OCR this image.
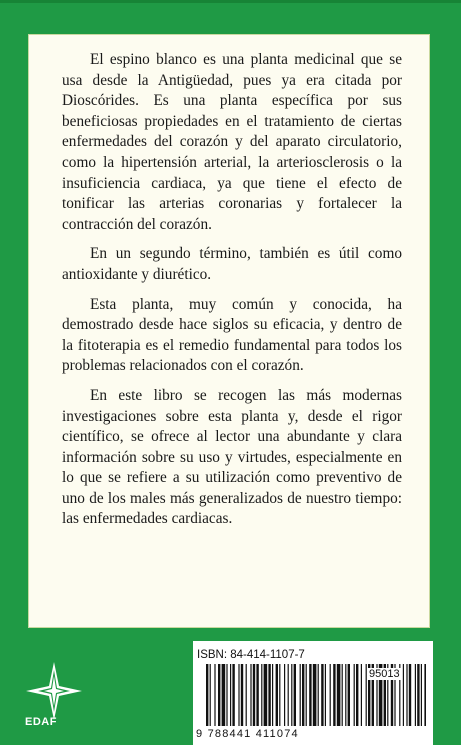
El espino blanco es una planta medicinal que se usa desde la Antigüedad, pues ya era citada por Dioscórides. Es una planta específica por sus beneficiosas propiedades en el tratamiento de ciertas enfermedades del corazón y del aparato circulatorio, como la hipertensión arterial, la arteriosclerosis o la insuficiencia cardiaca, ya que tiene el efecto de tonificar las arterias coronarias y fortalecer la contracción del corazón.

En un segundo término, también es útil como antioxidante y diurético.

Esta planta, muy común y conocida, ha demostrado desde hace siglos su eficacia, y dentro de la fitoterapia es el remedio fundamental para todos los problemas relacionados con el corazón.

En este libro se recogen las más modernas investigaciones sobre esta planta y, desde el rigor científico, se ofrece al lector una abundante y clara información sobre su uso y virtudes, especialmente en lo que se refiere a su utilización como preventivo de uno de los males más generalizados de nuestro tiempo: las enfermedades cardiacas.

EDAF
ISBN: 84-414-1107-7
95013
9 788441 411074
